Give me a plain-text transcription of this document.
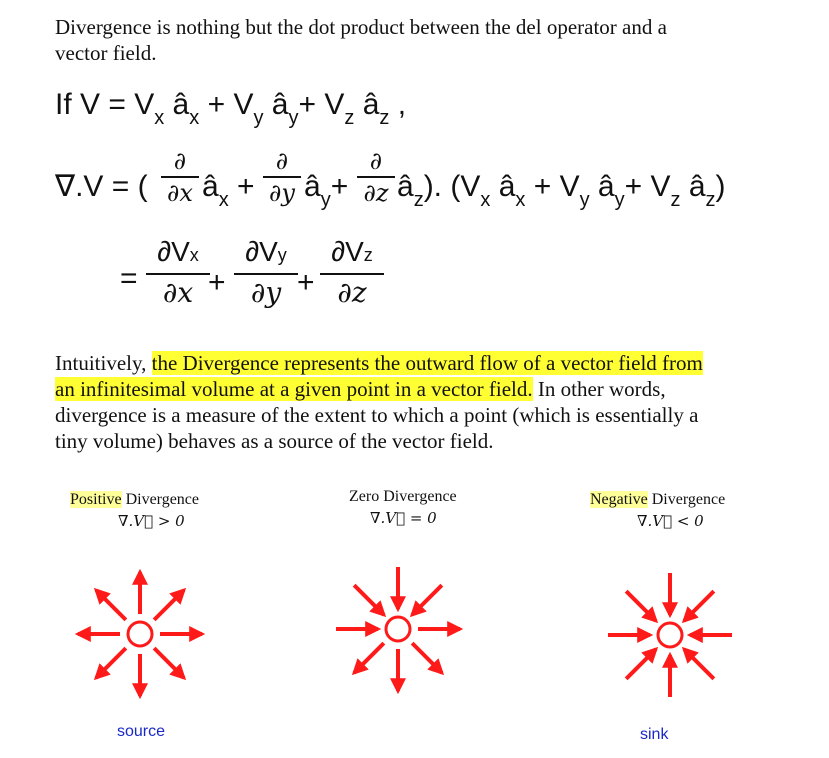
Divergence is nothing but the dot product between the del operator and a
vector field.
If $V = V_x$ $â_x + V_y$ $â_y+ V_z$ $â_z$ ,
∇.V = (
∂
∂x $â_x$ +
∂
∂y $â_y+$
∂
∂z $â_z$). ($V_x$ $â_x + V_y$ $â_y+ V_z$ $â_z$)
=
∂Vx
∂x +
∂Vy
∂y +
∂Vz
∂z
Intuitively, the Divergence represents the outward flow of a vector field from
an infinitesimal volume at a given point in a vector field. In other words,
divergence is a measure of the extent to which a point (which is essentially a
tiny volume) behaves as a source of the vector field.
Positive Divergence
∇.V⃗ > 0
Zero Divergence
∇.V⃗ = 0
Negative Divergence
∇.V⃗ < 0
source	sink
